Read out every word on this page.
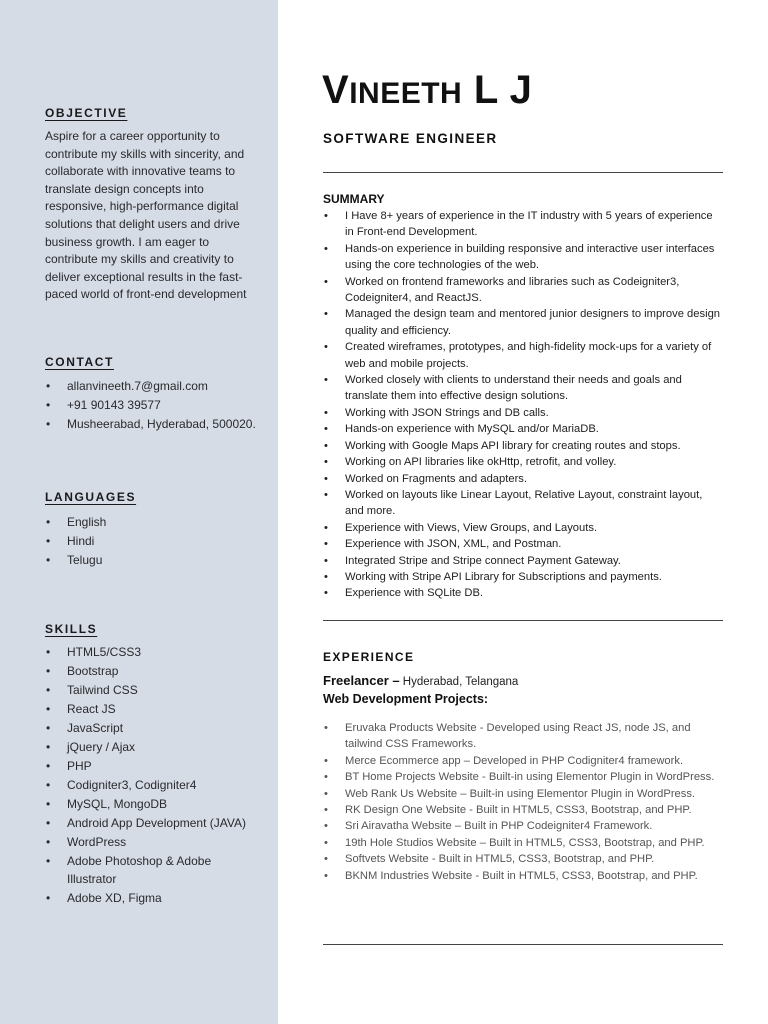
OBJECTIVE

Aspire for a career opportunity to contribute my skills with sincerity, and collaborate with innovative teams to translate design concepts into responsive, high-performance digital solutions that delight users and drive business growth. I am eager to contribute my skills and creativity to deliver exceptional results in the fast-paced world of front-end development

CONTACT
• allanvineeth.7@gmail.com
• +91 90143 39577
• Musheerabad, Hyderabad, 500020.
LANGUAGES
• English
• Hindi
• Telugu
SKILLS
• HTML5/CSS3
• Bootstrap
• Tailwind CSS
• React JS
• JavaScript
• jQuery / Ajax
• PHP
• Codigniter3, Codigniter4
• MySQL, MongoDB
• Android App Development (JAVA)
• WordPress
• Adobe Photoshop & Adobe Illustrator
• Adobe XD, Figma
VINEETH L J
SOFTWARE ENGINEER
SUMMARY
• I Have 8+ years of experience in the IT industry with 5 years of experience in Front-end Development.
• Hands-on experience in building responsive and interactive user interfaces using the core technologies of the web.
• Worked on frontend frameworks and libraries such as Codeigniter3, Codeigniter4, and ReactJS.
• Managed the design team and mentored junior designers to improve design quality and efficiency.
• Created wireframes, prototypes, and high-fidelity mock-ups for a variety of web and mobile projects.
• Worked closely with clients to understand their needs and goals and translate them into effective design solutions.
• Working with JSON Strings and DB calls.
• Hands-on experience with MySQL and/or MariaDB.
• Working with Google Maps API library for creating routes and stops.
• Working on API libraries like okHttp, retrofit, and volley.
• Worked on Fragments and adapters.
• Worked on layouts like Linear Layout, Relative Layout, constraint layout, and more.
• Experience with Views, View Groups, and Layouts.
• Experience with JSON, XML, and Postman.
• Integrated Stripe and Stripe connect Payment Gateway.
• Working with Stripe API Library for Subscriptions and payments.
• Experience with SQLite DB.
EXPERIENCE
Freelancer – Hyderabad, Telangana
Web Development Projects:
• Eruvaka Products Website - Developed using React JS, node JS, and tailwind CSS Frameworks.
• Merce Ecommerce app – Developed in PHP Codigniter4 framework.
• BT Home Projects Website - Built-in using Elementor Plugin in WordPress.
• Web Rank Us Website – Built-in using Elementor Plugin in WordPress.
• RK Design One Website - Built in HTML5, CSS3, Bootstrap, and PHP.
• Sri Airavatha Website – Built in PHP Codeigniter4 Framework.
• 19th Hole Studios Website – Built in HTML5, CSS3, Bootstrap, and PHP.
• Softvets Website - Built in HTML5, CSS3, Bootstrap, and PHP.
• BKNM Industries Website - Built in HTML5, CSS3, Bootstrap, and PHP.
